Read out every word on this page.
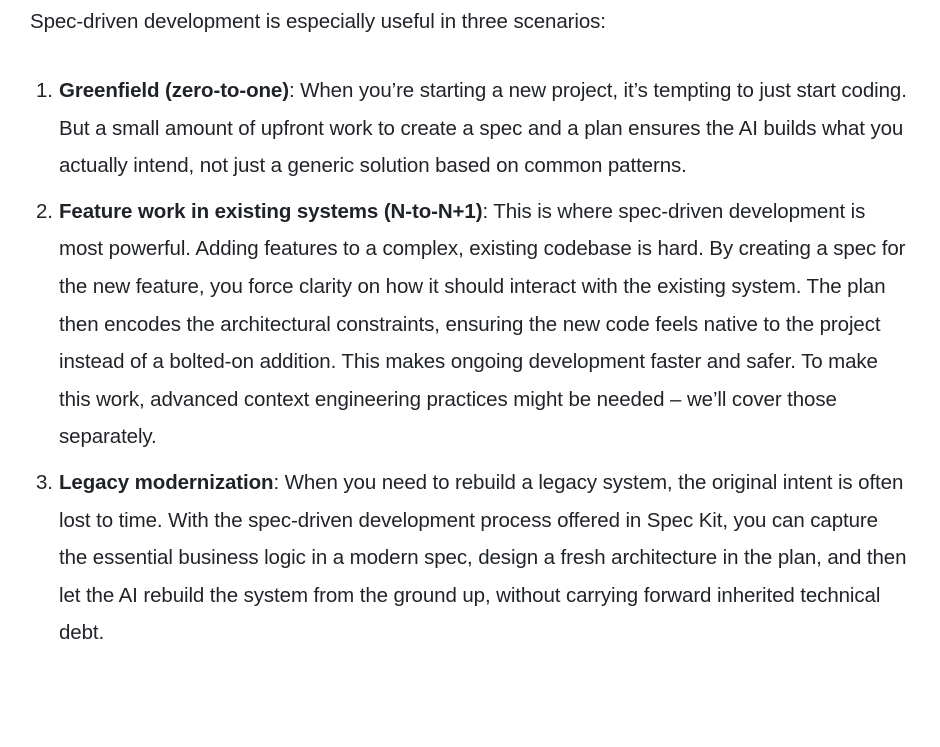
Spec-driven development is especially useful in three scenarios:

1. Greenfield (zero-to-one): When you’re starting a new project, it’s tempting to just start coding. But a small amount of upfront work to create a spec and a plan ensures the AI builds what you actually intend, not just a generic solution based on common patterns.
2. Feature work in existing systems (N-to-N+1): This is where spec-driven development is most powerful. Adding features to a complex, existing codebase is hard. By creating a spec for the new feature, you force clarity on how it should interact with the existing system. The plan then encodes the architectural constraints, ensuring the new code feels native to the project instead of a bolted-on addition. This makes ongoing development faster and safer. To make this work, advanced context engineering practices might be needed – we’ll cover those separately.
3. Legacy modernization: When you need to rebuild a legacy system, the original intent is often lost to time. With the spec-driven development process offered in Spec Kit, you can capture the essential business logic in a modern spec, design a fresh architecture in the plan, and then let the AI rebuild the system from the ground up, without carrying forward inherited technical debt.
